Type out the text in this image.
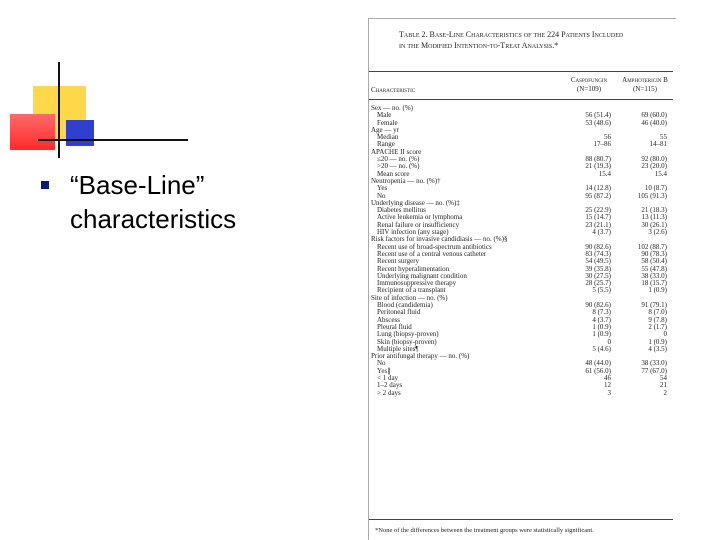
“Base-Line”
characteristics
Table 2. Base-Line Characteristics of the 224 Patients Included
in the Modified Intention-to-Treat Analysis.*
Characteristic
Caspofungin
(N=109)
Amphotericin B
(N=115)
Sex — no. (%)
Male	56 (51.4)	69 (60.0)
Female	53 (48.6)	46 (40.0)
Age — yr
Median	56	55
Range	17–86	14–81
APACHE II score
≤20 — no. (%)	88 (80.7)	92 (80.0)
>20 — no. (%)	21 (19.3)	23 (20.0)
Mean score	15.4	15.4
Neutropenia — no. (%)†
Yes	14 (12.8)	10 (8.7)
No	95 (87.2)	105 (91.3)
Underlying disease — no. (%)‡
Diabetes mellitus	25 (22.9)	21 (18.3)
Active leukemia or lymphoma	15 (14.7)	13 (11.3)
Renal failure or insufficiency	23 (21.1)	30 (26.1)
HIV infection (any stage)	4 (3.7)	3 (2.6)
Risk factors for invasive candidiasis — no. (%)§
Recent use of broad-spectrum antibiotics	90 (82.6)	102 (88.7)
Recent use of a central venous catheter	83 (74.3)	90 (78.3)
Recent surgery	54 (49.5)	58 (50.4)
Recent hyperalimentation	39 (35.8)	55 (47.8)
Underlying malignant condition	30 (27.5)	38 (33.0)
Immunosuppressive therapy	28 (25.7)	18 (15.7)
Recipient of a transplant	5 (5.5)	1 (0.9)
Site of infection — no. (%)
Blood (candidemia)	90 (82.6)	91 (79.1)
Peritoneal fluid	8 (7.3)	8 (7.0)
Abscess	4 (3.7)	9 (7.8)
Pleural fluid	1 (0.9)	2 (1.7)
Lung (biopsy-proven)	1 (0.9)	0
Skin (biopsy-proven)	0	1 (0.9)
Multiple sites¶	5 (4.6)	4 (3.5)
Prior antifungal therapy — no. (%)
No	48 (44.0)	38 (33.0)
Yes∥	61 (56.0)	77 (67.0)
< 1 day	46	54
1–2 days	12	21
> 2 days	3	2
*None of the differences between the treatment groups were statistically significant.
